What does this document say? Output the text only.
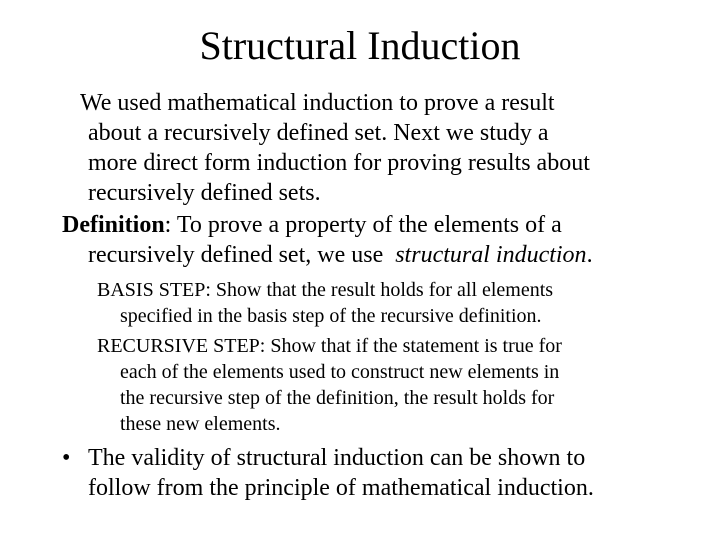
Structural Induction
We used mathematical induction to prove a result
about a recursively defined set. Next we study a
more direct form induction for proving results about
recursively defined sets.
Definition: To prove a property of the elements of a
recursively defined set, we use  structural induction.
BASIS STEP: Show that the result holds for all elements
specified in the basis step of the recursive definition.
RECURSIVE STEP: Show that if the statement is true for
each of the elements used to construct new elements in
the recursive step of the definition, the result holds for
these new elements.
• The validity of structural induction can be shown to
follow from the principle of mathematical induction.
